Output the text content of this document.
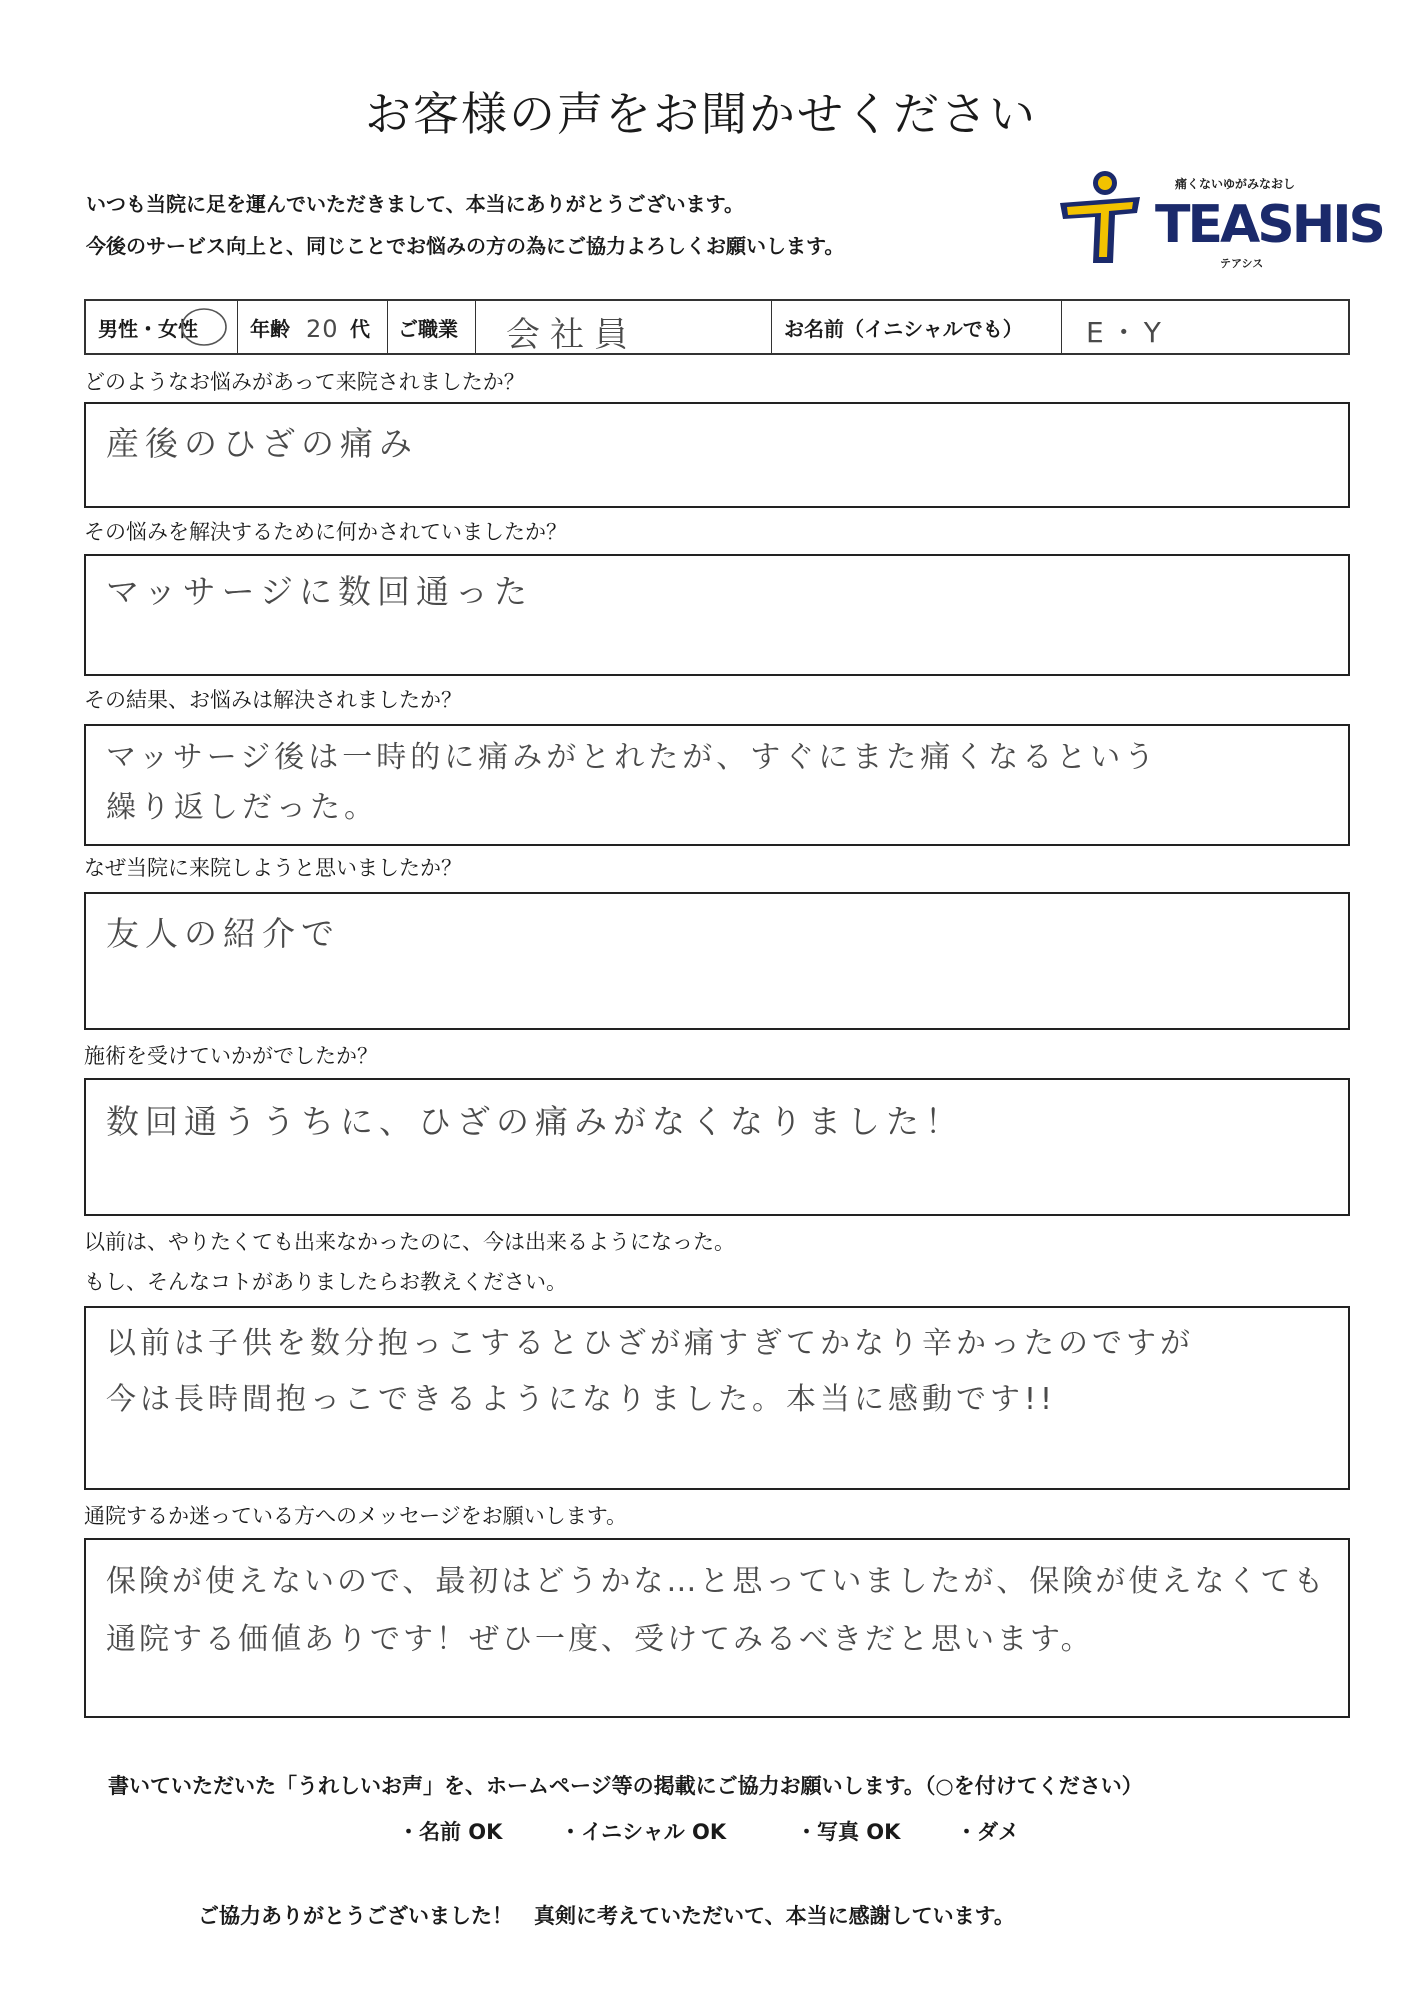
お客様の声をお聞かせください
いつも当院に足を運んでいただきまして、本当にありがとうございます。
今後のサービス向上と、同じことでお悩みの方の為にご協力よろしくお願いします。
痛くないゆがみなおし
TEASHIS
テアシス
男性・女性	年齢 20 代 ご職業 会社員	お名前（イニシャルでも） E・Y
どのようなお悩みがあって来院されましたか？
産後のひざの痛み
その悩みを解決するために何かされていましたか？
マッサージに数回通った
その結果、お悩みは解決されましたか？
マッサージ後は一時的に痛みがとれたが、すぐにまた痛くなるという
繰り返しだった。
なぜ当院に来院しようと思いましたか？
友人の紹介で
施術を受けていかがでしたか？
数回通ううちに、ひざの痛みがなくなりました！
以前は、やりたくても出来なかったのに、今は出来るようになった。
もし、そんなコトがありましたらお教えください。
以前は子供を数分抱っこするとひざが痛すぎてかなり辛かったのですが
今は長時間抱っこできるようになりました。本当に感動です!!
通院するか迷っている方へのメッセージをお願いします。
保険が使えないので、最初はどうかな…と思っていましたが、保険が使えなくても
通院する価値ありです！ぜひ一度、受けてみるべきだと思います。
書いていただいた「うれしいお声」を、ホームページ等の掲載にご協力お願いします。（○を付けてください）
・名前 OK	・イニシャル OK	・写真 OK	・ダメ
ご協力ありがとうございました！　真剣に考えていただいて、本当に感謝しています。
